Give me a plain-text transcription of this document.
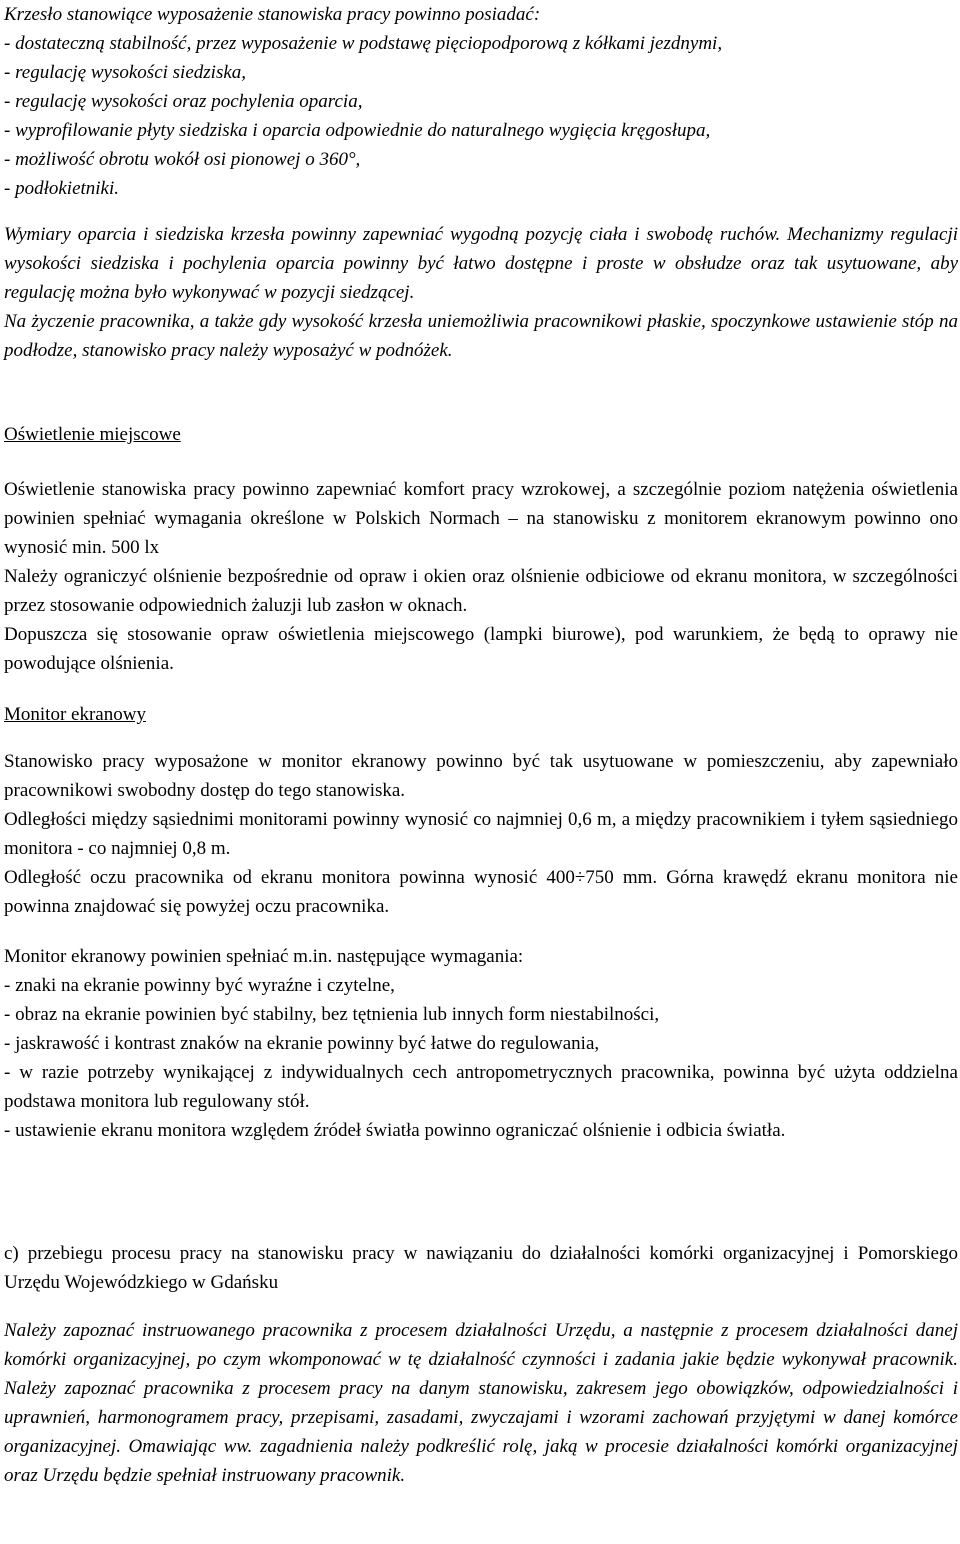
Krzesło stanowiące wyposażenie stanowiska pracy powinno posiadać:

- dostateczną stabilność, przez wyposażenie w podstawę pięciopodporową z kółkami jezdnymi,
- regulację wysokości siedziska,
- regulację wysokości oraz pochylenia oparcia,
- wyprofilowanie płyty siedziska i oparcia odpowiednie do naturalnego wygięcia kręgosłupa,
- możliwość obrotu wokół osi pionowej o 360°,
- podłokietniki.

Wymiary oparcia i siedziska krzesła powinny zapewniać wygodną pozycję ciała i swobodę ruchów. Mechanizmy regulacji wysokości siedziska i pochylenia oparcia powinny być łatwo dostępne i proste w obsłudze oraz tak usytuowane, aby regulację można było wykonywać w pozycji siedzącej.

Na życzenie pracownika, a także gdy wysokość krzesła uniemożliwia pracownikowi płaskie, spoczynkowe ustawienie stóp na podłodze, stanowisko pracy należy wyposażyć w podnóżek.

Oświetlenie miejscowe

Oświetlenie stanowiska pracy powinno zapewniać komfort pracy wzrokowej, a szczególnie poziom natężenia oświetlenia powinien spełniać wymagania określone w Polskich Normach – na stanowisku z monitorem ekranowym powinno ono wynosić min. 500 lx

Należy ograniczyć olśnienie bezpośrednie od opraw i okien oraz olśnienie odbiciowe od ekranu monitora, w szczególności przez stosowanie odpowiednich żaluzji lub zasłon w oknach.

Dopuszcza się stosowanie opraw oświetlenia miejscowego (lampki biurowe), pod warunkiem, że będą to oprawy nie powodujące olśnienia.

Monitor ekranowy

Stanowisko pracy wyposażone w monitor ekranowy powinno być tak usytuowane w pomieszczeniu, aby zapewniało pracownikowi swobodny dostęp do tego stanowiska.

Odległości między sąsiednimi monitorami powinny wynosić co najmniej 0,6 m, a między pracownikiem i tyłem sąsiedniego monitora - co najmniej 0,8 m.

Odległość oczu pracownika od ekranu monitora powinna wynosić 400÷750 mm. Górna krawędź ekranu monitora nie powinna znajdować się powyżej oczu pracownika.

Monitor ekranowy powinien spełniać m.in. następujące wymagania:

- znaki na ekranie powinny być wyraźne i czytelne,

- obraz na ekranie powinien być stabilny, bez tętnienia lub innych form niestabilności,

- jaskrawość i kontrast znaków na ekranie powinny być łatwe do regulowania,

- w razie potrzeby wynikającej z indywidualnych cech antropometrycznych pracownika, powinna być użyta oddzielna podstawa monitora lub regulowany stół.

- ustawienie ekranu monitora względem źródeł światła powinno ograniczać olśnienie i odbicia światła.

c) przebiegu procesu pracy na stanowisku pracy w nawiązaniu do działalności komórki organizacyjnej i Pomorskiego Urzędu Wojewódzkiego w Gdańsku

Należy zapoznać instruowanego pracownika z procesem działalności Urzędu, a następnie z procesem działalności danej komórki organizacyjnej, po czym wkomponować w tę działalność czynności i zadania jakie będzie wykonywał pracownik. Należy zapoznać pracownika z procesem pracy na danym stanowisku, zakresem jego obowiązków, odpowiedzialności i uprawnień, harmonogramem pracy, przepisami, zasadami, zwyczajami i wzorami zachowań przyjętymi w danej komórce organizacyjnej. Omawiając ww. zagadnienia należy podkreślić rolę, jaką w procesie działalności komórki organizacyjnej oraz Urzędu będzie spełniał instruowany pracownik.
